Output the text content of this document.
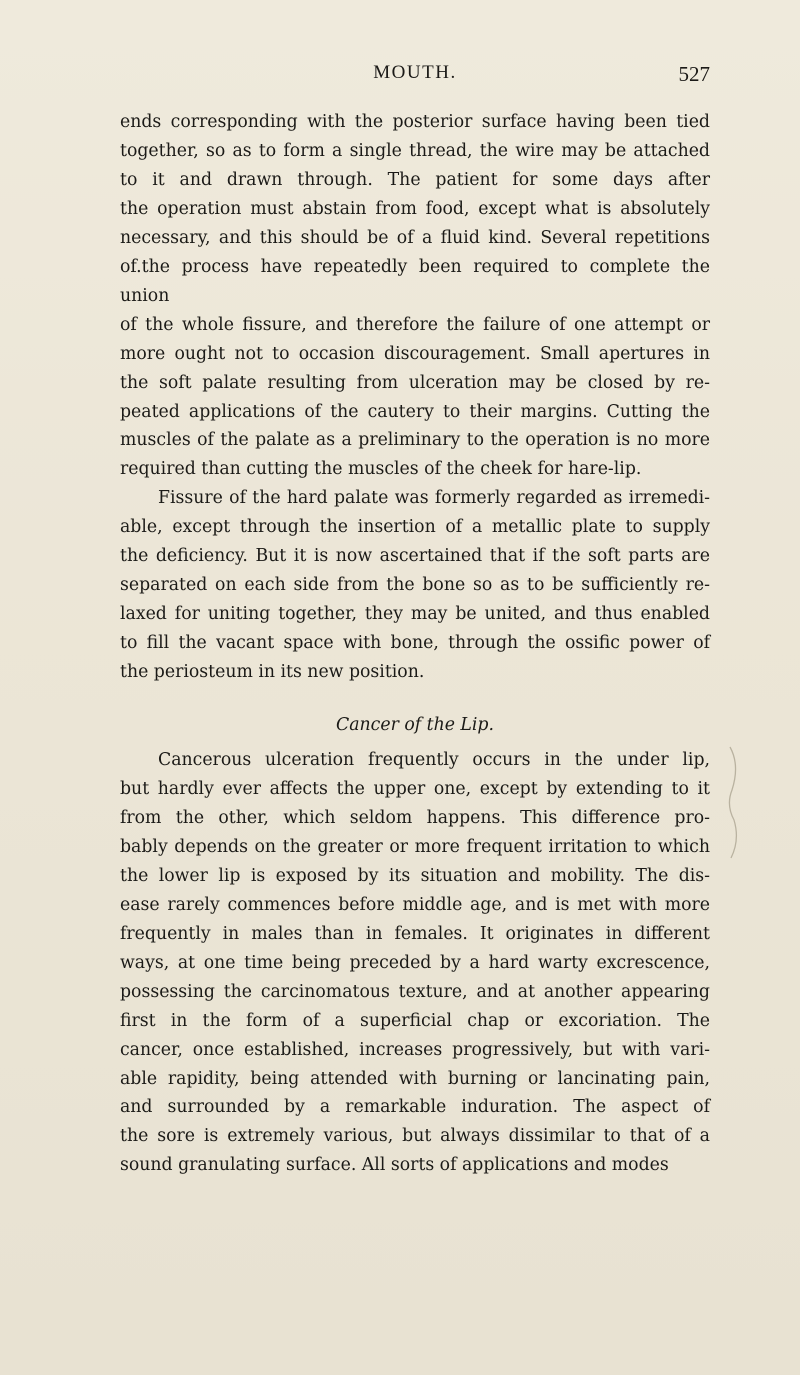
MOUTH.	527
ends corresponding with the posterior surface having been tied
together, so as to form a single thread, the wire may be attached
to it and drawn through. The patient for some days after
the operation must abstain from food, except what is absolutely
necessary, and this should be of a fluid kind. Several repetitions
of.the process have repeatedly been required to complete the union
of the whole fissure, and therefore the failure of one attempt or
more ought not to occasion discouragement. Small apertures in
the soft palate resulting from ulceration may be closed by re-
peated applications of the cautery to their margins. Cutting the
muscles of the palate as a preliminary to the operation is no more
required than cutting the muscles of the cheek for hare-lip.
Fissure of the hard palate was formerly regarded as irremedi-
able, except through the insertion of a metallic plate to supply
the deficiency. But it is now ascertained that if the soft parts are
separated on each side from the bone so as to be sufficiently re-
laxed for uniting together, they may be united, and thus enabled
to fill the vacant space with bone, through the ossific power of
the periosteum in its new position.
Cancer of the Lip.
Cancerous ulceration frequently occurs in the under lip,
but hardly ever affects the upper one, except by extending to it
from the other, which seldom happens. This difference pro-
bably depends on the greater or more frequent irritation to which
the lower lip is exposed by its situation and mobility. The dis-
ease rarely commences before middle age, and is met with more
frequently in males than in females. It originates in different
ways, at one time being preceded by a hard warty excrescence,
possessing the carcinomatous texture, and at another appearing
first in the form of a superficial chap or excoriation. The
cancer, once established, increases progressively, but with vari-
able rapidity, being attended with burning or lancinating pain,
and surrounded by a remarkable induration. The aspect of
the sore is extremely various, but always dissimilar to that of a
sound granulating surface. All sorts of applications and modes
